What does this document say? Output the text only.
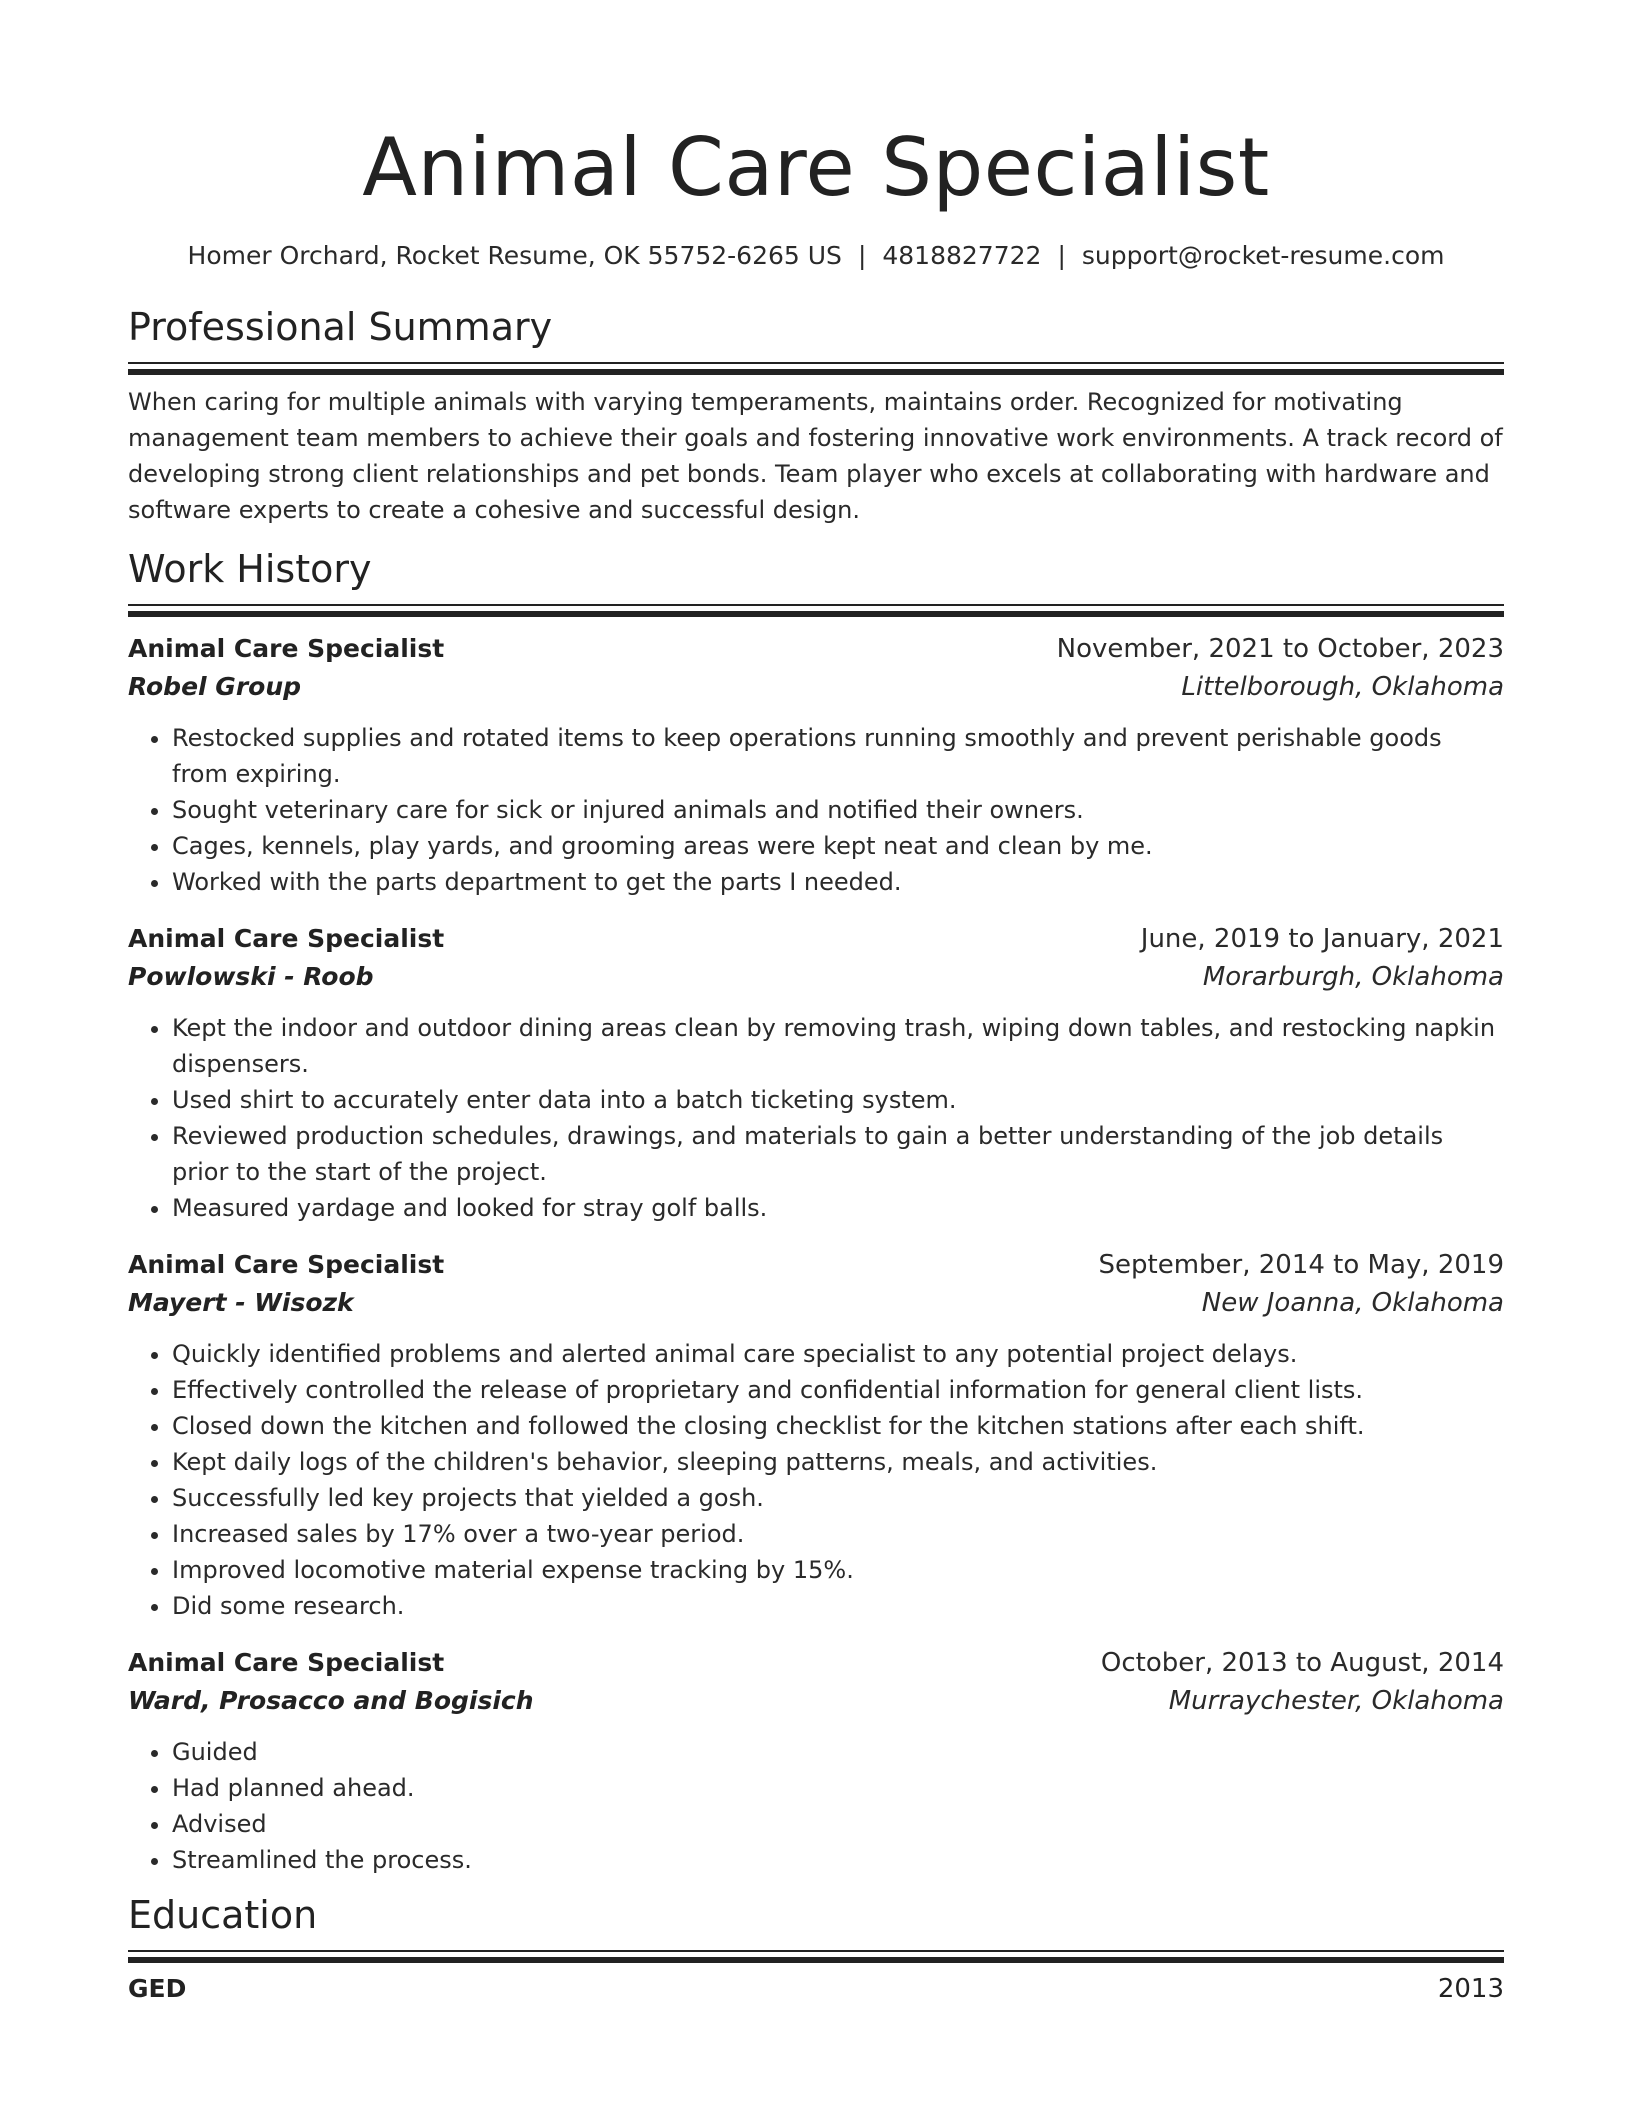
Animal Care Specialist
Homer Orchard, Rocket Resume, OK 55752-6265 US | 4818827722 | support@rocket-resume.com
Professional Summary
When caring for multiple animals with varying temperaments, maintains order. Recognized for motivating management team members to achieve their goals and fostering innovative work environments. A track record of developing strong client relationships and pet bonds. Team player who excels at collaborating with hardware and software experts to create a cohesive and successful design.
Work History
Animal Care Specialist	November, 2021 to October, 2023
Robel Group	Littelborough, Oklahoma
• Restocked supplies and rotated items to keep operations running smoothly and prevent perishable goods from expiring.
• Sought veterinary care for sick or injured animals and notified their owners.
• Cages, kennels, play yards, and grooming areas were kept neat and clean by me.
• Worked with the parts department to get the parts I needed.
Animal Care Specialist	June, 2019 to January, 2021
Powlowski - Roob	Morarburgh, Oklahoma
• Kept the indoor and outdoor dining areas clean by removing trash, wiping down tables, and restocking napkin dispensers.
• Used shirt to accurately enter data into a batch ticketing system.
• Reviewed production schedules, drawings, and materials to gain a better understanding of the job details prior to the start of the project.
• Measured yardage and looked for stray golf balls.
Animal Care Specialist	September, 2014 to May, 2019
Mayert - Wisozk	New Joanna, Oklahoma
• Quickly identified problems and alerted animal care specialist to any potential project delays.
• Effectively controlled the release of proprietary and confidential information for general client lists.
• Closed down the kitchen and followed the closing checklist for the kitchen stations after each shift.
• Kept daily logs of the children's behavior, sleeping patterns, meals, and activities.
• Successfully led key projects that yielded a gosh.
• Increased sales by 17% over a two-year period.
• Improved locomotive material expense tracking by 15%.
• Did some research.
Animal Care Specialist	October, 2013 to August, 2014
Ward, Prosacco and Bogisich	Murraychester, Oklahoma
• Guided
• Had planned ahead.
• Advised
• Streamlined the process.
Education
GED	2013
